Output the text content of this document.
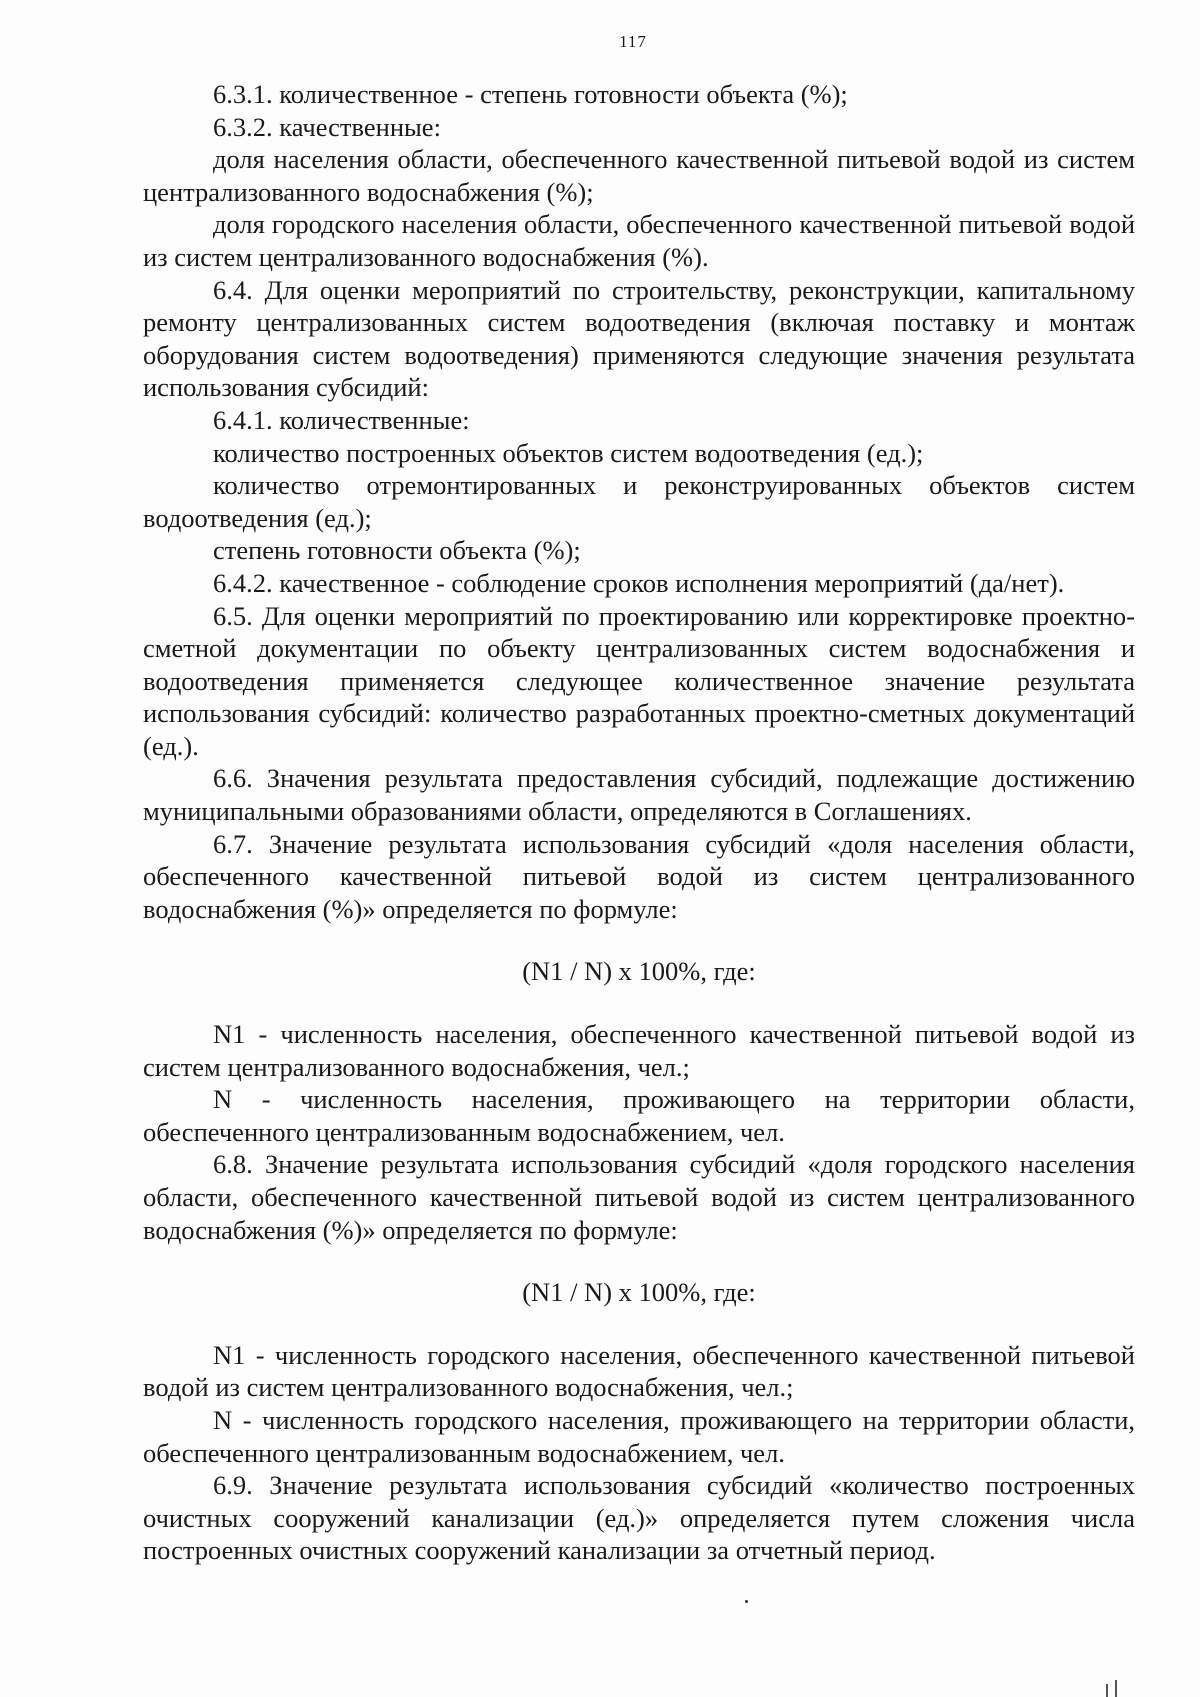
117

6.3.1. количественное - степень готовности объекта (%);

6.3.2. качественные:

доля населения области, обеспеченного качественной питьевой водой из систем централизованного водоснабжения (%);

доля городского населения области, обеспеченного качественной питьевой водой из систем централизованного водоснабжения (%).

6.4. Для оценки мероприятий по строительству, реконструкции, капитальному ремонту централизованных систем водоотведения (включая поставку и монтаж оборудования систем водоотведения) применяются следующие значения результата использования субсидий:

6.4.1. количественные:

количество построенных объектов систем водоотведения (ед.);

количество отремонтированных и реконструированных объектов систем водоотведения (ед.);

степень готовности объекта (%);

6.4.2. качественное - соблюдение сроков исполнения мероприятий (да/нет).

6.5. Для оценки мероприятий по проектированию или корректировке проектно-сметной документации по объекту централизованных систем водоснабжения и водоотведения применяется следующее количественное значение результата использования субсидий: количество разработанных проектно-сметных документаций (ед.).

6.6. Значения результата предоставления субсидий, подлежащие достижению муниципальными образованиями области, определяются в Соглашениях.

6.7. Значение результата использования субсидий «доля населения области, обеспеченного качественной питьевой водой из систем централизованного водоснабжения (%)» определяется по формуле:

(N1 / N) x 100%, где:

N1 - численность населения, обеспеченного качественной питьевой водой из систем централизованного водоснабжения, чел.;

N - численность населения, проживающего на территории области, обеспеченного централизованным водоснабжением, чел.

6.8. Значение результата использования субсидий «доля городского населения области, обеспеченного качественной питьевой водой из систем централизованного водоснабжения (%)» определяется по формуле:

(N1 / N) x 100%, где:

N1 - численность городского населения, обеспеченного качественной питьевой водой из систем централизованного водоснабжения, чел.;

N - численность городского населения, проживающего на территории области, обеспеченного централизованным водоснабжением, чел.

6.9. Значение результата использования субсидий «количество построенных очистных сооружений канализации (ед.)» определяется путем сложения числа построенных очистных сооружений канализации за отчетный период.
